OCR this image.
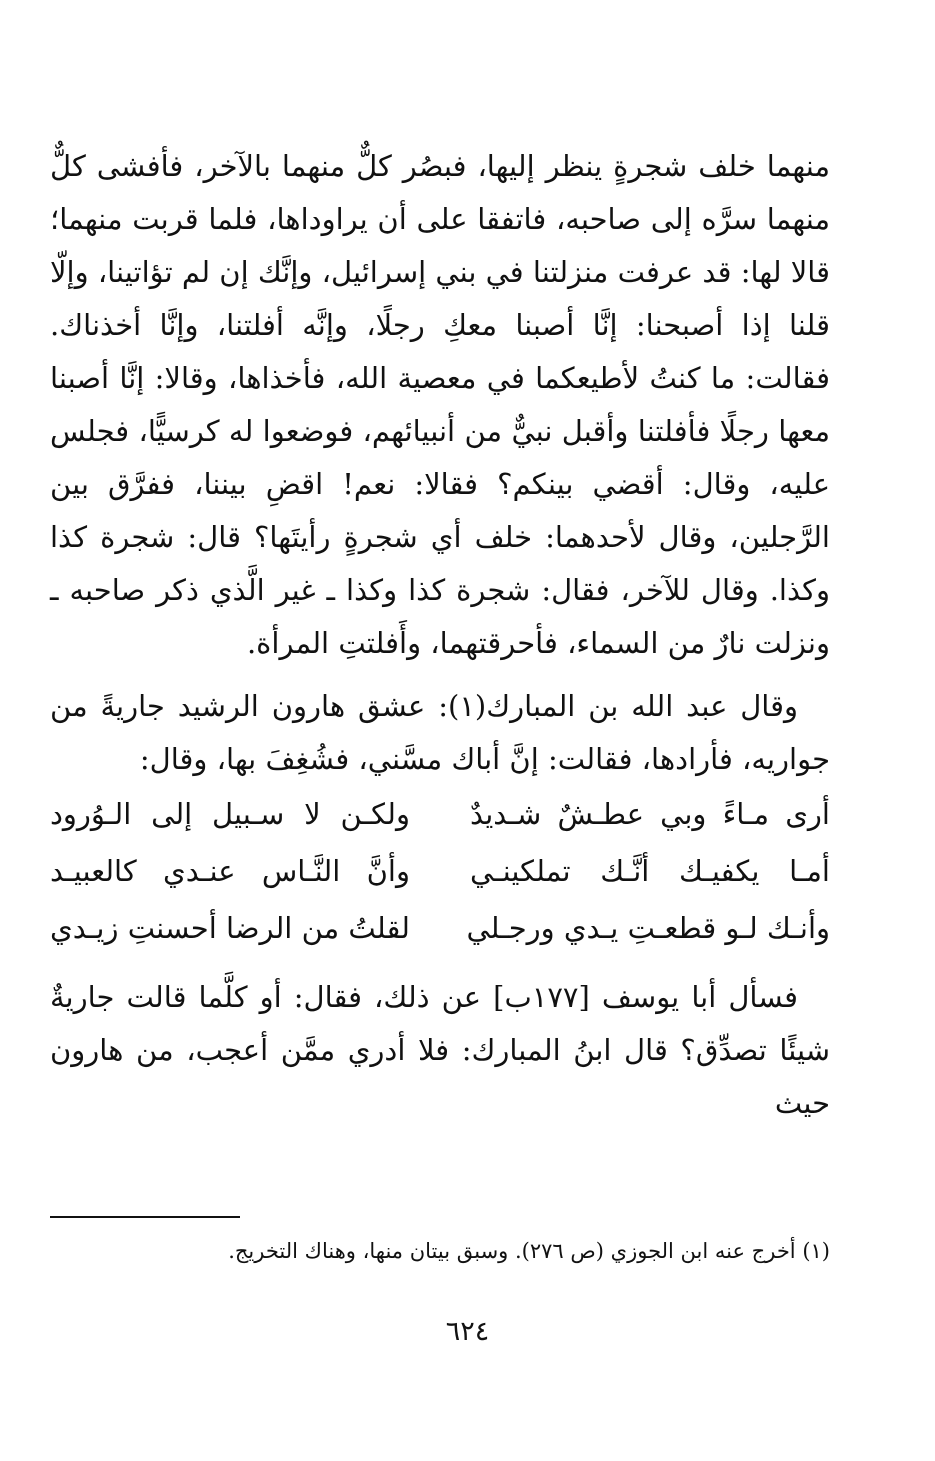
منهما خلف شجرةٍ ينظر إليها، فبصُر كلٌّ منهما بالآخر، فأفشى كلٌّ منهما سرَّه إلى صاحبه، فاتفقا على أن يراوداها، فلما قربت منهما؛ قالا لها: قد عرفت منزلتنا في بني إسرائيل، وإنَّك إن لم تؤاتينا، وإلّا قلنا إذا أصبحنا: إنَّا أصبنا معكِ رجلًا، وإنَّه أفلتنا، وإنَّا أخذناك. فقالت: ما كنتُ لأطيعكما في معصية الله، فأخذاها، وقالا: إنَّا أصبنا معها رجلًا فأفلتنا وأقبل نبيٌّ من أنبيائهم، فوضعوا له كرسيًّا، فجلس عليه، وقال: أقضي بينكم؟ فقالا: نعم! اقضِ بيننا، ففرَّق بين الرَّجلين، وقال لأحدهما: خلف أي شجرةٍ رأيتَها؟ قال: شجرة كذا وكذا. وقال للآخر، فقال: شجرة كذا وكذا ـ غير الَّذي ذكر صاحبه ـ ونزلت نارٌ من السماء، فأحرقتهما، وأَفلتتِ المرأة.

وقال عبد الله بن المبارك(١): عشق هارون الرشيد جاريةً من جواريه، فأرادها، فقالت: إنَّ أباك مسَّني، فشُغِفَ بها، وقال:

أرى مـاءً وبي عطـشٌ شـديدٌ
ولكـن لا سـبيل إلى الـوُرود
أمـا يكفيـك أنَّـك تملكينـي
وأنَّ النَّـاس عنـدي كالعبيـد
وأنـك لـو قطعـتِ يـدي ورجـلي
لقلتُ من الرضا أحسنتِ زيـدي

فسأل أبا يوسف [١٧٧ب] عن ذلك، فقال: أو كلَّما قالت جاريةٌ شيئًا تصدِّق؟ قال ابنُ المبارك: فلا أدري ممَّن أعجب، من هارون حيث

(١) أخرج عنه ابن الجوزي (ص ٢٧٦). وسبق بيتان منها، وهناك التخريج.
٦٢٤
